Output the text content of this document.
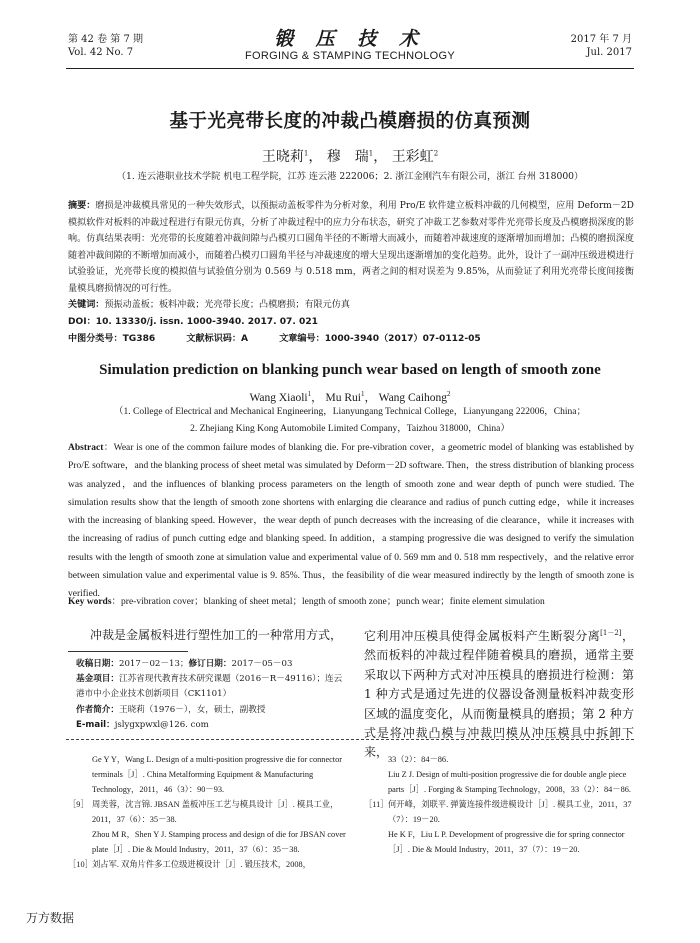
第 42 卷 第 7 期
Vol. 42 No. 7
锻 压 技 术
FORGING & STAMPING TECHNOLOGY
2017 年 7 月
Jul. 2017
基于光亮带长度的冲裁凸模磨损的仿真预测
王晓莉$^1$， 穆　瑞$^1$， 王彩虹$^2$
（1. 连云港职业技术学院 机电工程学院，江苏 连云港 222006；2. 浙江金刚汽车有限公司，浙江 台州 318000）
摘要：磨损是冲裁模具常见的一种失效形式，以预振动盖板零件为分析对象，利用 Pro/E 软件建立板料冲裁的几何模型，应用 Deform－2D 模拟软件对板料的冲裁过程进行有限元仿真，分析了冲裁过程中的应力分布状态，研究了冲裁工艺参数对零件光亮带长度及凸模磨损深度的影响。仿真结果表明：光亮带的长度随着冲裁间隙与凸模刃口圆角半径的不断增大而减小，而随着冲裁速度的逐渐增加而增加；凸模的磨损深度随着冲裁间隙的不断增加而减小，而随着凸模刃口圆角半径与冲裁速度的增大呈现出逐渐增加的变化趋势。此外，设计了一副冲压级进模进行试验验证，光亮带长度的模拟值与试验值分别为 0.569 与 0.518 mm，两者之间的相对误差为 9.85%，从而验证了利用光亮带长度间接衡量模具磨损情况的可行性。
关键词：预振动盖板；板料冲裁；光亮带长度；凸模磨损；有限元仿真
DOI：10. 13330/j. issn. 1000-3940. 2017. 07. 021
中图分类号：TG386	文献标识码：A	文章编号：1000-3940（2017）07-0112-05
Simulation prediction on blanking punch wear based on length of smooth zone
Wang Xiaoli$^1$， Mu Rui$^1$， Wang Caihong$^2$
（1. College of Electrical and Mechanical Engineering，Lianyungang Technical College，Lianyungang 222006，China；
2. Zhejiang King Kong Automobile Limited Company，Taizhou 318000，China）
Abstract：Wear is one of the common failure modes of blanking die. For pre-vibration cover，a geometric model of blanking was established by Pro/E software，and the blanking process of sheet metal was simulated by Deform－2D software. Then，the stress distribution of blanking process was analyzed，and the influences of blanking process parameters on the length of smooth zone and wear depth of punch were studied. The simulation results show that the length of smooth zone shortens with enlarging die clearance and radius of punch cutting edge，while it increases with the increasing of blanking speed. However，the wear depth of punch decreases with the increasing of die clearance，while it increases with the increasing of radius of punch cutting edge and blanking speed. In addition，a stamping progressive die was designed to verify the simulation results with the length of smooth zone at simulation value and experimental value of 0. 569 mm and 0. 518 mm respectively，and the relative error between simulation value and experimental value is 9. 85%. Thus，the feasibility of die wear measured indirectly by the length of smooth zone is verified.
Key words：pre-vibration cover；blanking of sheet metal；length of smooth zone；punch wear；finite element simulation
冲裁是金属板料进行塑性加工的一种常用方式，
收稿日期：2017－02－13；修订日期：2017－05－03
基金项目：江苏省现代教育技术研究课题（2016－R－49116）；连云港市中小企业技术创新项目（CK1101）
作者简介：王晓莉（1976－），女，硕士，副教授
E-mail：jslygxpwxl@126. com
它利用冲压模具使得金属板料产生断裂分离[1－2]，然而板料的冲裁过程伴随着模具的磨损，通常主要采取以下两种方式对冲压模具的磨损进行检测：第 1 种方式是通过先进的仪器设备测量板料冲裁变形区域的温度变化，从而衡量模具的磨损；第 2 种方式是将冲裁凸模与冲裁凹模从冲压模具中拆卸下来，
Ge Y Y，Wang L. Design of a multi-position progressive die for connector terminals［J］. China Metalforming Equipment & Manufacturing Technology，2011，46（3）：90－93.
［9］ 周美蓉，沈言锦. JBSAN 盖板冲压工艺与模具设计［J］. 模具工业，2011，37（6）：35－38.
Zhou M R，Shen Y J. Stamping process and design of die for JBSAN cover plate［J］. Die & Mould Industry，2011，37（6）：35－38.
［10］ 刘占军. 双角片件多工位级进模设计［J］. 锻压技术，2008，
33（2）：84－86.
Liu Z J. Design of multi-position progressive die for double angle piece parts［J］. Forging & Stamping Technology，2008，33（2）：84－86.
［11］ 何开峰，刘联平. 弹簧连接件级进模设计［J］. 模具工业，2011，37（7）：19－20.
He K F，Liu L P. Development of progressive die for spring connector［J］. Die & Mould Industry，2011，37（7）：19－20.
万方数据
